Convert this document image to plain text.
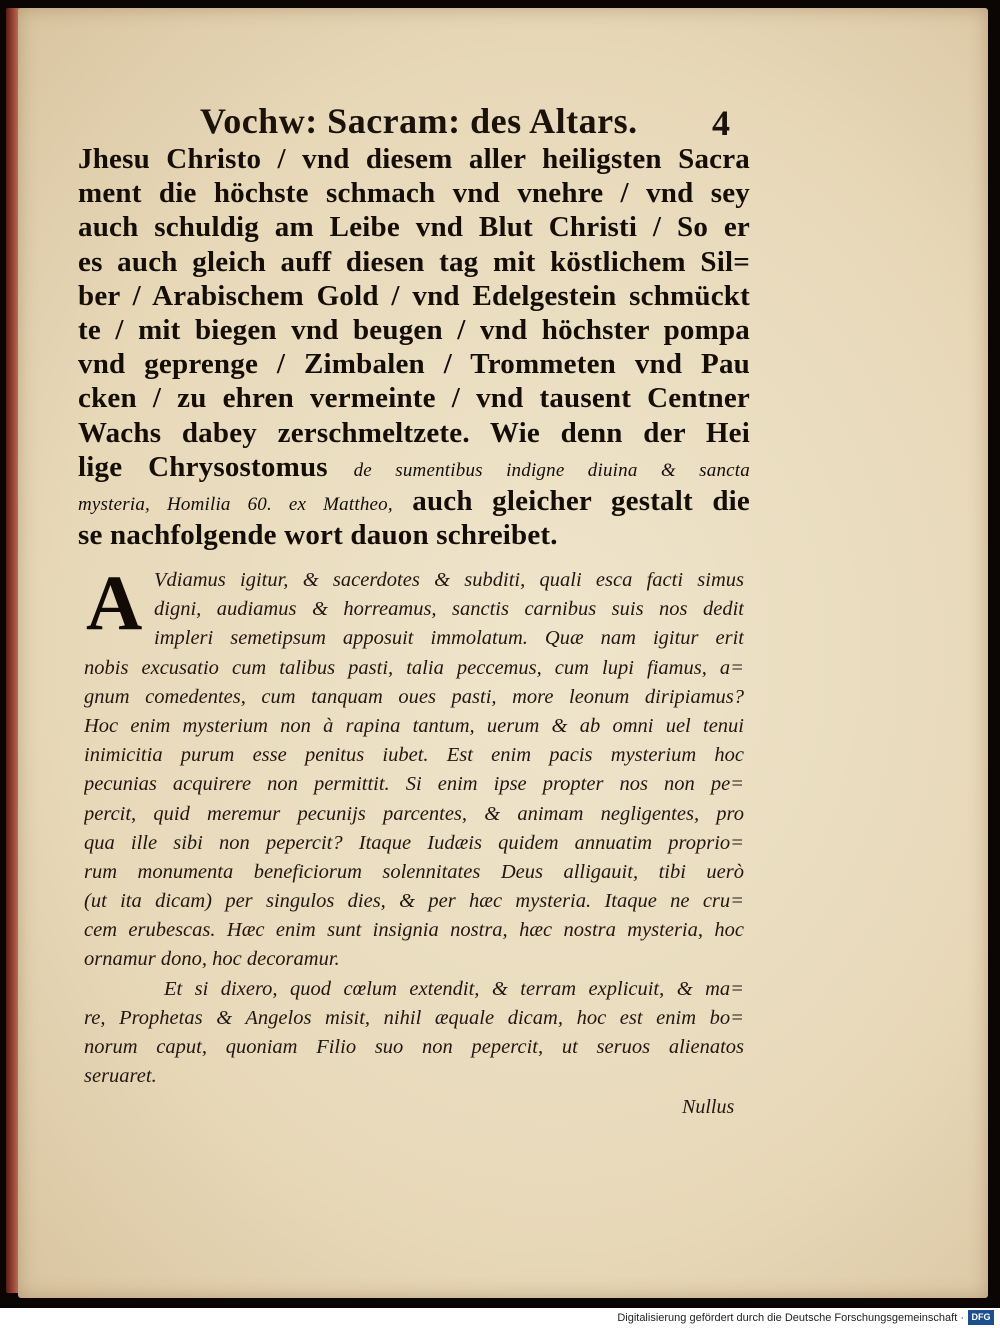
Vochw: Sacram: des Altars.	4
Jhesu Christo / vnd diesem aller heiligsten Sacra
ment die höchste schmach vnd vnehre / vnd sey
auch schuldig am Leibe vnd Blut Christi / So er
es auch gleich auff diesen tag mit köstlichem Sil=
ber / Arabischem Gold / vnd Edelgestein schmückt
te / mit biegen vnd beugen / vnd höchster pompa
vnd geprenge / Zimbalen / Trommeten vnd Pau
cken / zu ehren vermeinte / vnd tausent Centner
Wachs dabey zerschmeltzete. Wie denn der Hei
lige Chrysostomus de sumentibus indigne diuina & sancta
mysteria, Homilia 60. ex Mattheo, auch gleicher gestalt die
se nachfolgende wort dauon schreibet.
A Vdiamus igitur, & sacerdotes & subditi, quali esca facti simus
digni, audiamus & horreamus, sanctis carnibus suis nos dedit
impleri semetipsum apposuit immolatum. Quæ nam igitur erit
nobis excusatio cum talibus pasti, talia peccemus, cum lupi fiamus, a=
gnum comedentes, cum tanquam oues pasti, more leonum diripiamus?
Hoc enim mysterium non à rapina tantum, uerum & ab omni uel tenui
inimicitia purum esse penitus iubet. Est enim pacis mysterium hoc
pecunias acquirere non permittit. Si enim ipse propter nos non pe=
percit, quid meremur pecunijs parcentes, & animam negligentes, pro
qua ille sibi non pepercit? Itaque Iudæis quidem annuatim proprio=
rum monumenta beneficiorum solennitates Deus alligauit, tibi uerò
(ut ita dicam) per singulos dies, & per hæc mysteria. Itaque ne cru=
cem erubescas. Hæc enim sunt insignia nostra, hæc nostra mysteria, hoc
ornamur dono, hoc decoramur.
Et si dixero, quod cœlum extendit, & terram explicuit, & ma=
re, Prophetas & Angelos misit, nihil æquale dicam, hoc est enim bo=
norum caput, quoniam Filio suo non pepercit, ut seruos alienatos
seruaret.
Nullus
Digitalisierung gefördert durch die Deutsche Forschungsgemeinschaft · DFG
